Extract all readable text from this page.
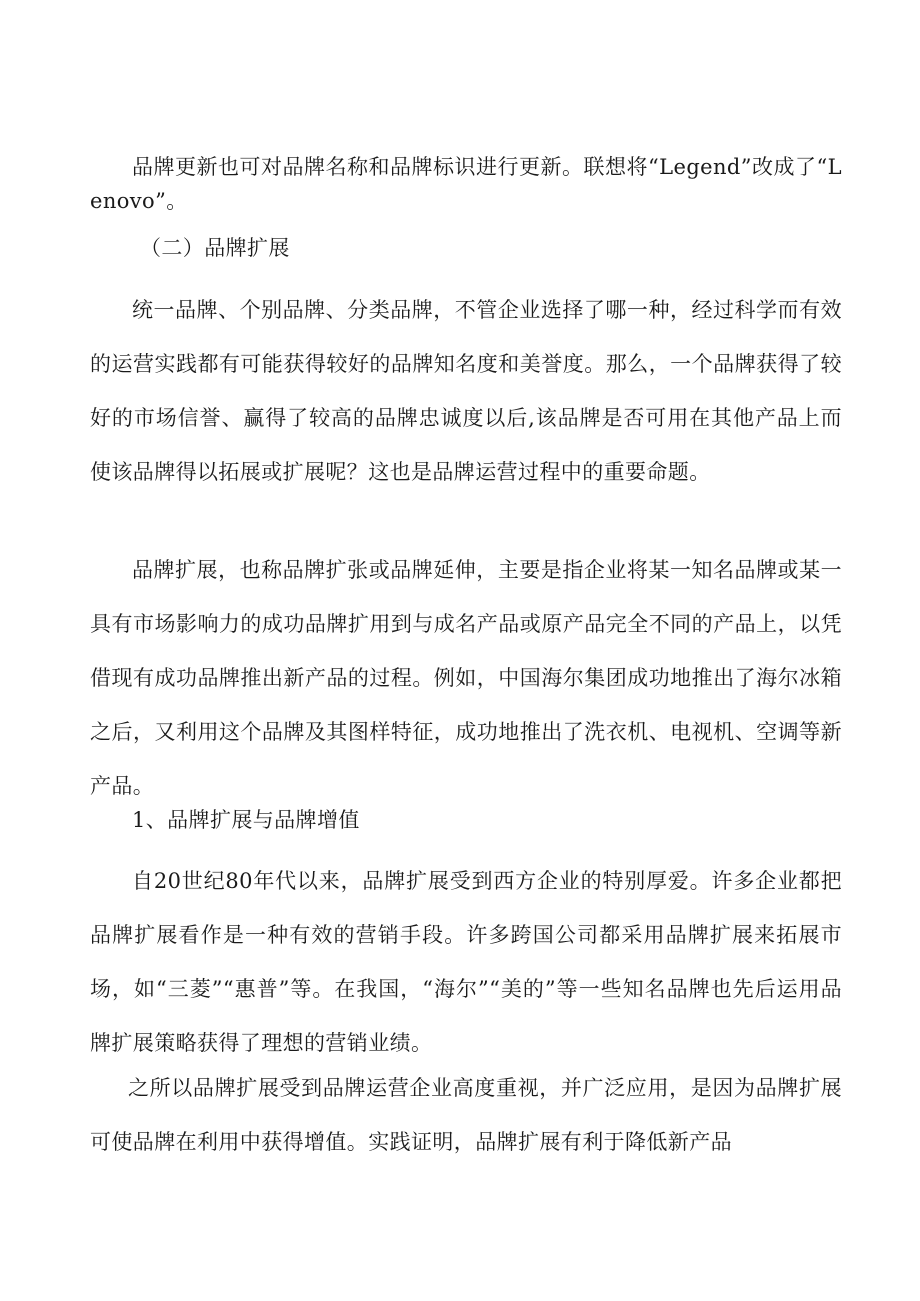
品牌更新也可对品牌名称和品牌标识进行更新。联想将“Legend”改成了“Lenovo”。

（二）品牌扩展

统一品牌、个别品牌、分类品牌，不管企业选择了哪一种，经过科学而有效的运营实践都有可能获得较好的品牌知名度和美誉度。那么，一个品牌获得了较好的市场信誉、赢得了较高的品牌忠诚度以后,该品牌是否可用在其他产品上而使该品牌得以拓展或扩展呢？这也是品牌运营过程中的重要命题。

品牌扩展，也称品牌扩张或品牌延伸，主要是指企业将某一知名品牌或某一具有市场影响力的成功品牌扩用到与成名产品或原产品完全不同的产品上，以凭借现有成功品牌推出新产品的过程。例如，中国海尔集团成功地推出了海尔冰箱之后，又利用这个品牌及其图样特征，成功地推出了洗衣机、电视机、空调等新产品。

1、品牌扩展与品牌增值

自20世纪80年代以来，品牌扩展受到西方企业的特别厚爱。许多企业都把品牌扩展看作是一种有效的营销手段。许多跨国公司都采用品牌扩展来拓展市场，如“三菱”“惠普”等。在我国，“海尔”“美的”等一些知名品牌也先后运用品牌扩展策略获得了理想的营销业绩。

之所以品牌扩展受到品牌运营企业高度重视，并广泛应用，是因为品牌扩展可使品牌在利用中获得增值。实践证明，品牌扩展有利于降低新产品
